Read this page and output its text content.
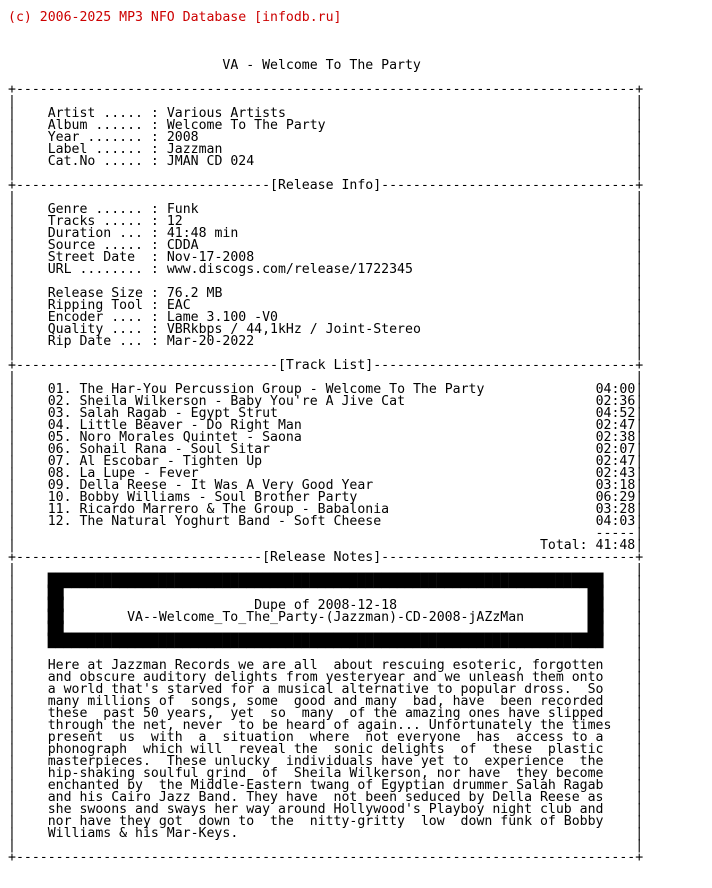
(c) 2006-2025 MP3 NFO Database [infodb.ru]

VA - Welcome To The Party

+------------------------------------------------------------------------------+
|                                                                              |
|    Artist ..... : Various Artists                                            |
|    Album ...... : Welcome To The Party                                       |
|    Year ....... : 2008                                                       |
|    Label ...... : Jazzman                                                    |
|    Cat.No ..... : JMAN CD 024                                                |
|                                                                              |
+--------------------------------[Release Info]--------------------------------+
|                                                                              |
|    Genre ...... : Funk                                                       |
|    Tracks ..... : 12                                                         |
|    Duration ... : 41:48 min                                                  |
|    Source ..... : CDDA                                                       |
|    Street Date  : Nov-17-2008                                                |
|    URL ........ : www.discogs.com/release/1722345                            |
|                                                                              |
|    Release Size : 76.2 MB                                                    |
|    Ripping Tool : EAC                                                        |
|    Encoder .... : Lame 3.100 -V0                                             |
|    Quality .... : VBRkbps / 44,1kHz / Joint-Stereo                           |
|    Rip Date ... : Mar-20-2022                                                |
|                                                                              |
+---------------------------------[Track List]---------------------------------+
|                                                                              |
|    01. The Har-You Percussion Group - Welcome To The Party	04:00|
|    02. Sheila Wilkerson - Baby You're A Jive Cat	02:36|
|    03. Salah Ragab - Egypt Strut	04:52|
|    04. Little Beaver - Do Right Man	02:47|
|    05. Noro Morales Quintet - Saona	02:38|
|    06. Sohail Rana - Soul Sitar	02:07|
|    07. Al Escobar - Tighten Up	02:47|
|    08. La Lupe - Fever	02:43|
|    09. Della Reese - It Was A Very Good Year	03:18|
|    10. Bobby Williams - Soul Brother Party	06:29|
|    11. Ricardo Marrero & The Group - Babalonia	03:28|
|    12. The Natural Yoghurt Band - Soft Cheese	04:03|
|                                                                         -----|
|                                                                  Total: 41:48|
+-------------------------------[Release Notes]--------------------------------+
|                                                                              |
|    ██████████████████████████████████████████████████████████████████████    |
|    ██                                                                  ██    |
|    ██                        Dupe of 2008-12-18                        ██    |
|    ██        VA--Welcome_To_The_Party-(Jazzman)-CD-2008-jAZzMan        ██    |
|    ██                                                                  ██    |
|    ██████████████████████████████████████████████████████████████████████    |
|                                                                              |
|    Here at Jazzman Records we are all  about rescuing esoteric, forgotten    |
|    and obscure auditory delights from yesteryear and we unleash them onto    |
|    a world that's starved for a musical alternative to popular dross.  So    |
|    many millions of  songs, some  good and many  bad, have  been recorded    |
|    these  past 50 years,  yet  so  many  of the amazing ones have slipped    |
|    through the net, never  to be heard of again... Unfortunately the times   |
|    present  us  with  a  situation  where  not everyone  has  access to a    |
|    phonograph  which will  reveal the  sonic delights  of  these  plastic    |
|    masterpieces.  These unlucky  individuals have yet to  experience  the    |
|    hip-shaking soulful grind  of  Sheila Wilkerson, nor have  they become    |
|    enchanted by  the Middle-Eastern twang of Egyptian drummer Salah Ragab    |
|    and his Cairo Jazz Band. They have  not been seduced by Della Reese as    |
|    she swoons and sways her way around Hollywood's Playboy night club and    |
|    nor have they got  down to  the  nitty-gritty  low  down funk of Bobby    |
|    Williams & his Mar-Keys.                                                  |
|                                                                              |
+------------------------------------------------------------------------------+
